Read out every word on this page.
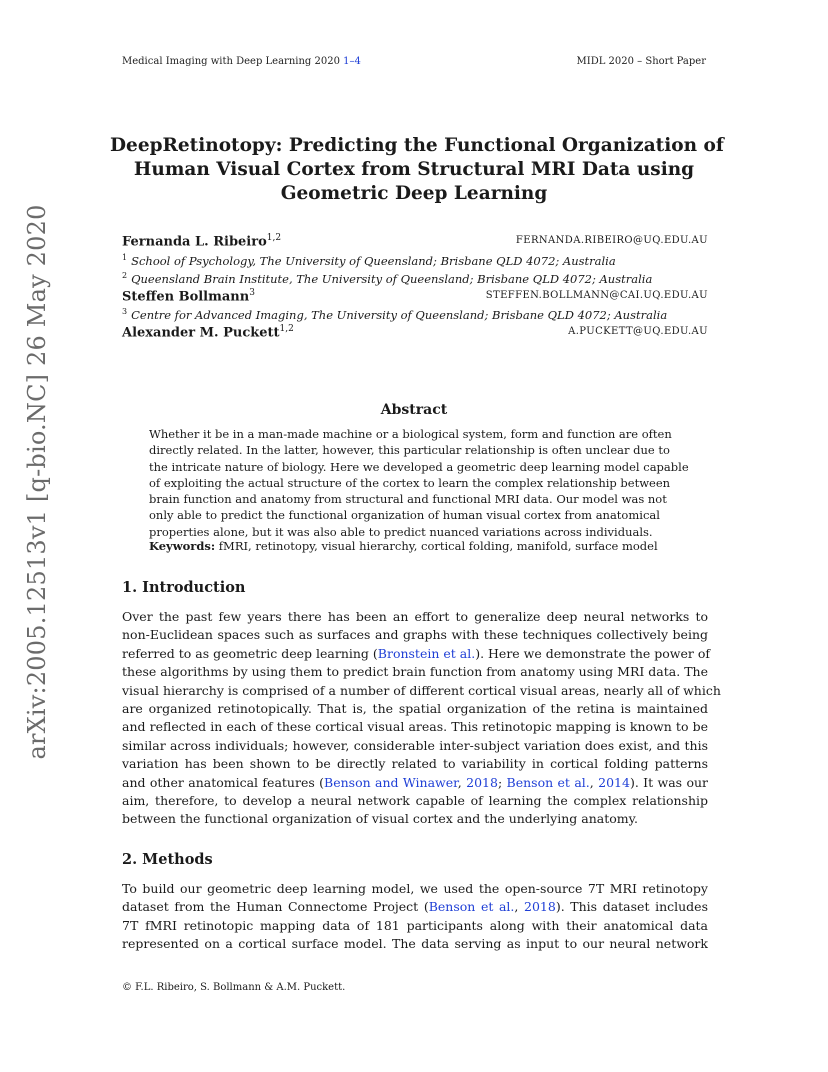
Medical Imaging with Deep Learning 2020 1–4	MIDL 2020 – Short Paper
arXiv:2005.12513v1 [q-bio.NC] 26 May 2020
DeepRetinotopy: Predicting the Functional Organization of
Human Visual Cortex from Structural MRI Data using
Geometric Deep Learning
Fernanda L. Ribeiro$^{1,2}$	FERNANDA.RIBEIRO@UQ.EDU.AU
$^1$ School of Psychology, The University of Queensland; Brisbane QLD 4072; Australia
$^2$ Queensland Brain Institute, The University of Queensland; Brisbane QLD 4072; Australia
Steffen Bollmann$^3$	STEFFEN.BOLLMANN@CAI.UQ.EDU.AU
$^3$ Centre for Advanced Imaging, The University of Queensland; Brisbane QLD 4072; Australia
Alexander M. Puckett$^{1,2}$	A.PUCKETT@UQ.EDU.AU
Abstract
Whether it be in a man-made machine or a biological system, form and function are often
directly related. In the latter, however, this particular relationship is often unclear due to
the intricate nature of biology. Here we developed a geometric deep learning model capable
of exploiting the actual structure of the cortex to learn the complex relationship between
brain function and anatomy from structural and functional MRI data. Our model was not
only able to predict the functional organization of human visual cortex from anatomical
properties alone, but it was also able to predict nuanced variations across individuals.
Keywords: fMRI, retinotopy, visual hierarchy, cortical folding, manifold, surface model
1. Introduction
Over the past few years there has been an effort to generalize deep neural networks to
non-Euclidean spaces such as surfaces and graphs with these techniques collectively being
referred to as geometric deep learning (Bronstein et al.). Here we demonstrate the power of
these algorithms by using them to predict brain function from anatomy using MRI data. The
visual hierarchy is comprised of a number of different cortical visual areas, nearly all of which
are organized retinotopically. That is, the spatial organization of the retina is maintained
and reflected in each of these cortical visual areas. This retinotopic mapping is known to be
similar across individuals; however, considerable inter-subject variation does exist, and this
variation has been shown to be directly related to variability in cortical folding patterns
and other anatomical features (Benson and Winawer, 2018; Benson et al., 2014). It was our
aim, therefore, to develop a neural network capable of learning the complex relationship
between the functional organization of visual cortex and the underlying anatomy.
2. Methods
To build our geometric deep learning model, we used the open-source 7T MRI retinotopy
dataset from the Human Connectome Project (Benson et al., 2018). This dataset includes
7T fMRI retinotopic mapping data of 181 participants along with their anatomical data
represented on a cortical surface model. The data serving as input to our neural network
© F.L. Ribeiro, S. Bollmann & A.M. Puckett.
